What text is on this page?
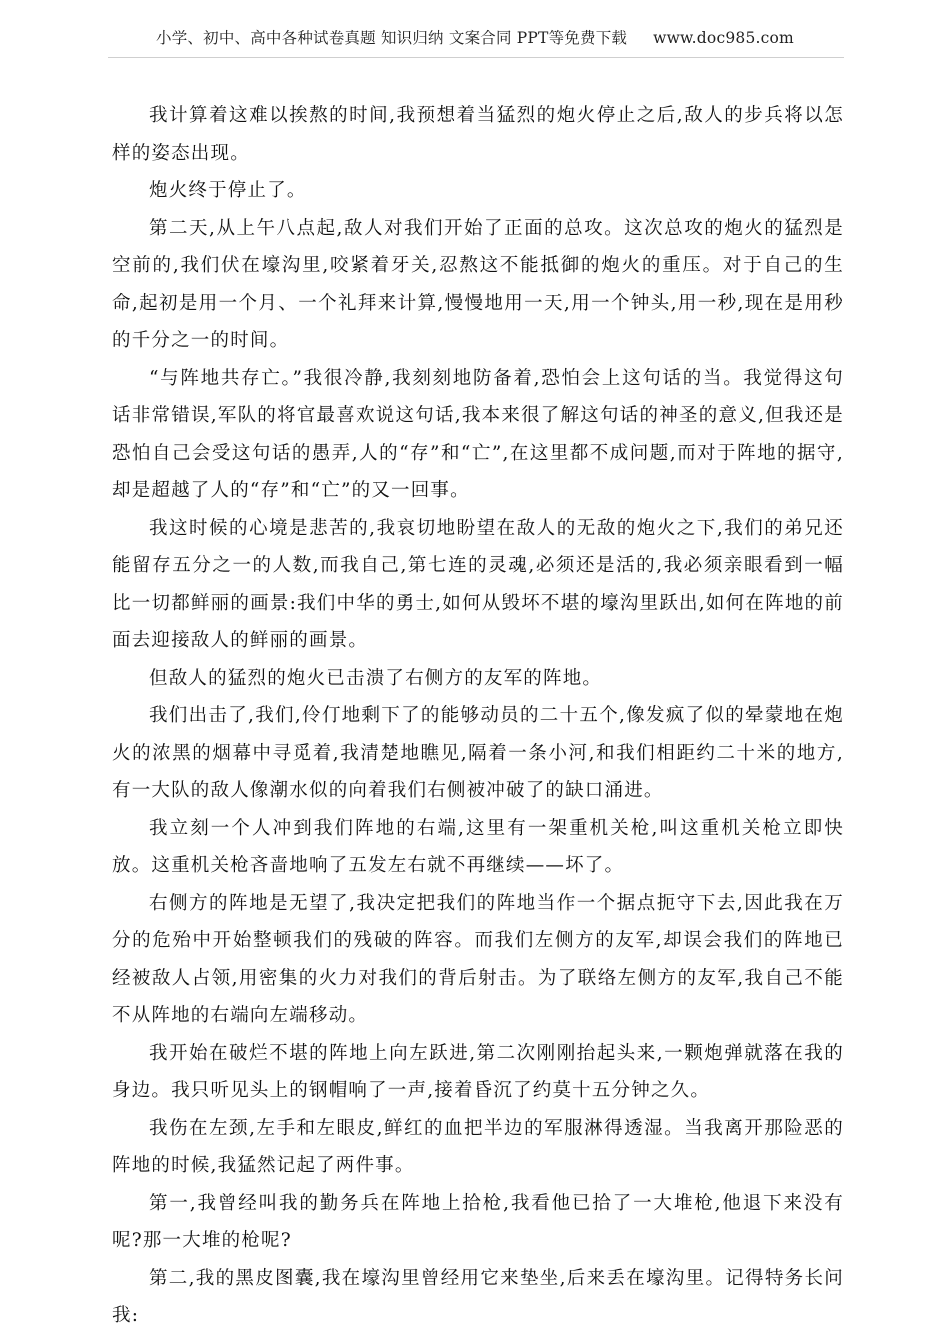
小学、初中、高中各种试卷真题 知识归纳 文案合同 PPT等免费下载 www.doc985.com

我计算着这难以挨熬的时间,我预想着当猛烈的炮火停止之后,敌人的步兵将以怎样的姿态出现。

炮火终于停止了。

第二天,从上午八点起,敌人对我们开始了正面的总攻。这次总攻的炮火的猛烈是空前的,我们伏在壕沟里,咬紧着牙关,忍熬这不能抵御的炮火的重压。对于自己的生命,起初是用一个月、一个礼拜来计算,慢慢地用一天,用一个钟头,用一秒,现在是用秒的千分之一的时间。

“与阵地共存亡。”我很冷静,我刻刻地防备着,恐怕会上这句话的当。我觉得这句话非常错误,军队的将官最喜欢说这句话,我本来很了解这句话的神圣的意义,但我还是恐怕自己会受这句话的愚弄,人的“存”和“亡”,在这里都不成问题,而对于阵地的据守,却是超越了人的“存”和“亡”的又一回事。

我这时候的心境是悲苦的,我哀切地盼望在敌人的无敌的炮火之下,我们的弟兄还能留存五分之一的人数,而我自己,第七连的灵魂,必须还是活的,我必须亲眼看到一幅比一切都鲜丽的画景:我们中华的勇士,如何从毁坏不堪的壕沟里跃出,如何在阵地的前面去迎接敌人的鲜丽的画景。

但敌人的猛烈的炮火已击溃了右侧方的友军的阵地。

我们出击了,我们,伶仃地剩下了的能够动员的二十五个,像发疯了似的晕蒙地在炮火的浓黑的烟幕中寻觅着,我清楚地瞧见,隔着一条小河,和我们相距约二十米的地方,有一大队的敌人像潮水似的向着我们右侧被冲破了的缺口涌进。

我立刻一个人冲到我们阵地的右端,这里有一架重机关枪,叫这重机关枪立即快放。这重机关枪吝啬地响了五发左右就不再继续——坏了。

右侧方的阵地是无望了,我决定把我们的阵地当作一个据点扼守下去,因此我在万分的危殆中开始整顿我们的残破的阵容。而我们左侧方的友军,却误会我们的阵地已经被敌人占领,用密集的火力对我们的背后射击。为了联络左侧方的友军,我自己不能不从阵地的右端向左端移动。

我开始在破烂不堪的阵地上向左跃进,第二次刚刚抬起头来,一颗炮弹就落在我的身边。我只听见头上的钢帽响了一声,接着昏沉了约莫十五分钟之久。

我伤在左颈,左手和左眼皮,鲜红的血把半边的军服淋得透湿。当我离开那险恶的阵地的时候,我猛然记起了两件事。

第一,我曾经叫我的勤务兵在阵地上拾枪,我看他已拾了一大堆枪,他退下来没有呢?那一大堆的枪呢?

第二,我的黑皮图囊,我在壕沟里曾经用它来垫坐,后来丢在壕沟里。记得特务长问我:
